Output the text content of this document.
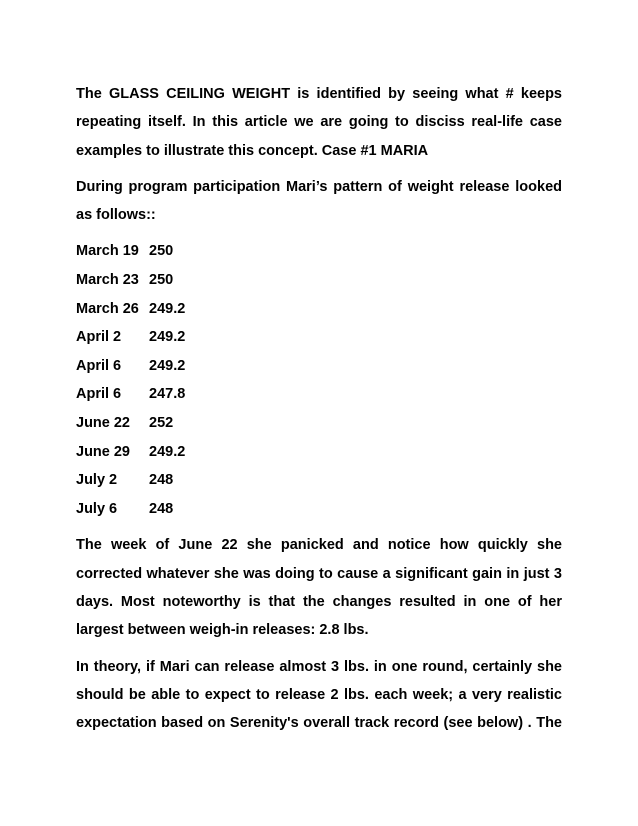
The GLASS CEILING WEIGHT is identified by seeing what # keeps repeating itself. In this article we are going to disciss real-life case examples to illustrate this concept. Case #1 MARIA

During program participation Mari’s pattern of weight release looked as follows::

March 19 250
March 23 250
March 26 249.2
April 2	249.2
April 6	249.2
April 6	247.8
June 22	252
June 29	249.2
July 2	248
July 6	248

The week of June 22 she panicked and notice how quickly she corrected whatever she was doing to cause a significant gain in just 3 days. Most noteworthy is that the changes resulted in one of her largest between weigh-in releases: 2.8 lbs.

In theory, if Mari can release almost 3 lbs. in one round, certainly she should be able to expect to release 2 lbs. each week; a very realistic expectation based on Serenity's overall track record (see below) . The
